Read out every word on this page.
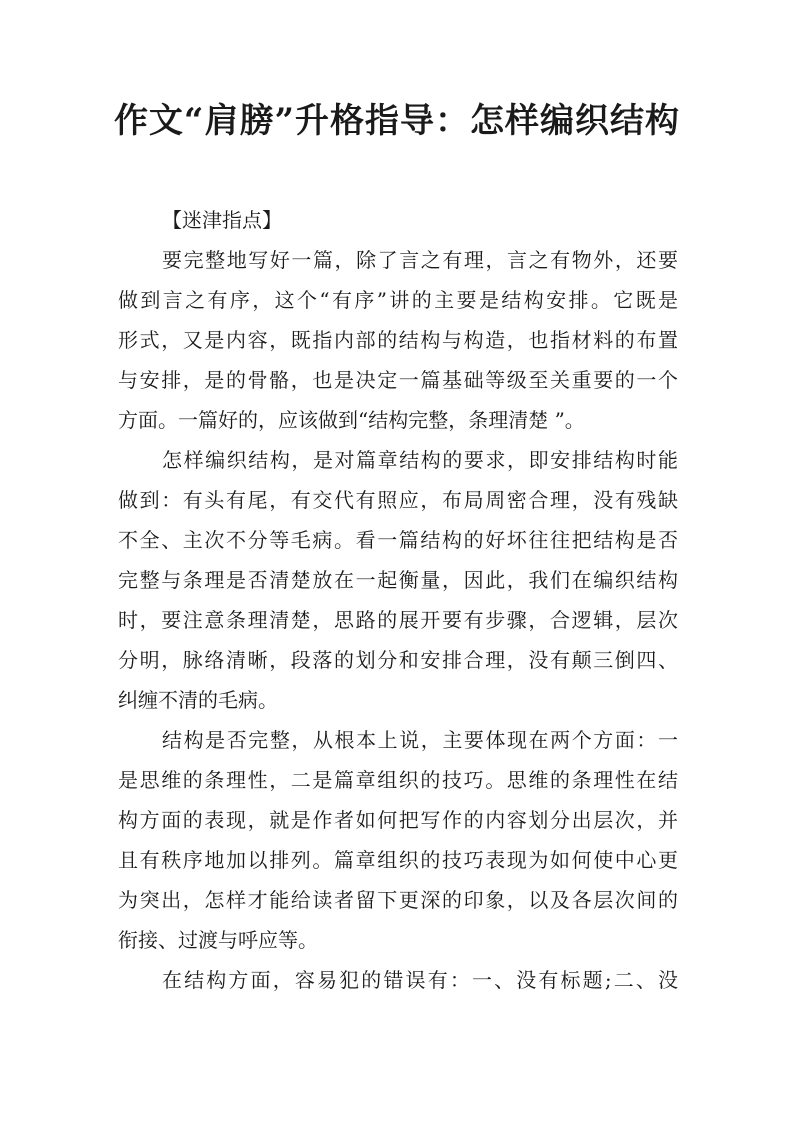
作文“肩膀”升格指导：怎样编织结构

【迷津指点】

要完整地写好一篇，除了言之有理，言之有物外，还要

做到言之有序，这个“有序”讲的主要是结构安排。它既是

形式，又是内容，既指内部的结构与构造，也指材料的布置

与安排，是的骨骼，也是决定一篇基础等级至关重要的一个

方面。一篇好的，应该做到“结构完整，条理清楚 ”。

怎样编织结构，是对篇章结构的要求，即安排结构时能

做到：有头有尾，有交代有照应，布局周密合理，没有残缺

不全、主次不分等毛病。看一篇结构的好坏往往把结构是否

完整与条理是否清楚放在一起衡量，因此，我们在编织结构

时，要注意条理清楚，思路的展开要有步骤，合逻辑，层次

分明，脉络清晰，段落的划分和安排合理，没有颠三倒四、

纠缠不清的毛病。

结构是否完整，从根本上说，主要体现在两个方面：一

是思维的条理性，二是篇章组织的技巧。思维的条理性在结

构方面的表现，就是作者如何把写作的内容划分出层次，并

且有秩序地加以排列。篇章组织的技巧表现为如何使中心更

为突出，怎样才能给读者留下更深的印象，以及各层次间的

衔接、过渡与呼应等。

在结构方面，容易犯的错误有：一、没有标题;二、没
